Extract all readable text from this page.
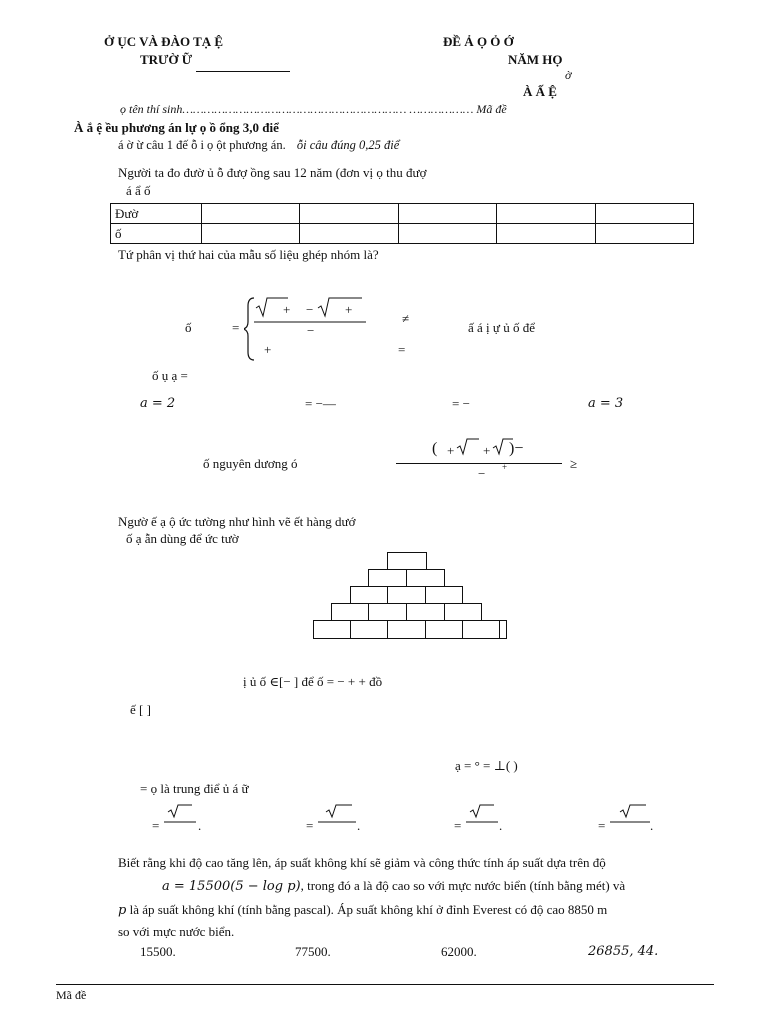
Ở ỤC VÀ ĐÀO TẠ Ệ
TRƯỜ Ữ
ĐỀ Ả Ọ Ỏ Ớ
NĂM HỌ
ờ
À Ấ Ệ
ọ tên thí sinh……………………………………………………… ……………… Mã đề
À ắ ệ ều phương án lự ọ ồ ổng 3,0 điể
á ờ ừ câu 1 đế ỗ i ọ ột phương án. ỗi câu đúng 0,25 điể
Người ta đo đườ ủ ỗ đượ ồng sau 12 năm (đơn vị ọ thu đượ
á ẩ ố
Đườ					
ố					
Tứ phân vị thứ hai của mẫu số liệu ghép nhóm là?
ố	=
+ − +
−
≠
+	=
ấ á ị ự ủ ố để
ố ụ ạ =
a = 2	= −—	= −	a = 3
ố nguyên dương ó
( + + )−
− +	≥
Ngườ ế ạ ộ ức tường như hình vẽ ết hàng dướ
ố ạ ẫn dùng để ức tườ
ị ủ ố ∈[− ] để ố = − + + đồ
ế [ ]
ạ = ° = ⊥( )
= ọ là trung điể ủ á ữ
=	.	=	.	=	.	=	.
Biết rằng khi độ cao tăng lên, áp suất không khí sẽ giảm và công thức tính áp suất dựa trên độ
a = 15500(5 − log p), trong đó a là độ cao so với mực nước biển (tính bằng mét) và
p là áp suất không khí (tính bằng pascal). Áp suất không khí ở đỉnh Everest có độ cao 8850 m
so với mực nước biển.
15500.	77500.	62000.	26855, 44.
Mã đề
